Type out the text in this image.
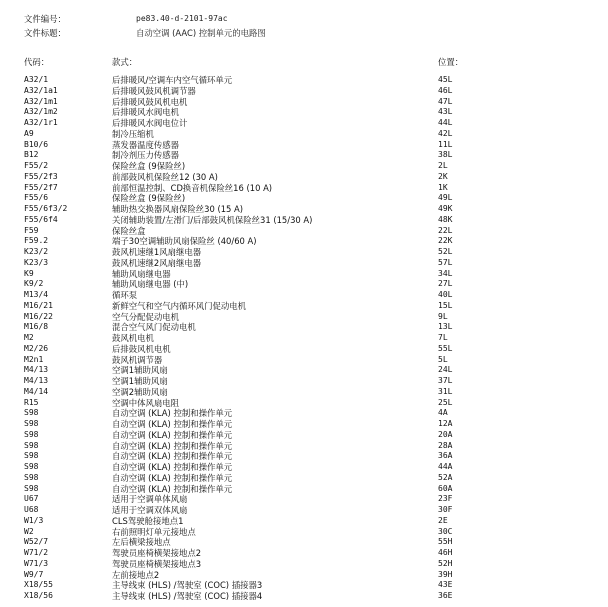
文件编号：	pe83.40-d-2101-97ac
文件标题：	自动空调 (AAC) 控制单元的电路图
代码：	款式：	位置：
A32/1	后排暖风/空调车内空气循环单元	45L
A32/1a1	后排暖风鼓风机调节器	46L
A32/1m1	后排暖风鼓风机电机	47L
A32/1m2	后排暖风水阀电机	43L
A32/1r1	后排暖风水阀电位计	44L
A9	制冷压缩机	42L
B10/6	蒸发器温度传感器	11L
B12	制冷剂压力传感器	38L
F55/2	保险丝盒 (9保险丝)	2L
F55/2f3	前部鼓风机保险丝12 (30 A)	2K
F55/2f7	前部恒温控制、CD换音机保险丝16 (10 A)	1K
F55/6	保险丝盒 (9保险丝)	49L
F55/6f3/2	辅助热交换器风扇保险丝30 (15 A)	49K
F55/6f4	关闭辅助装置/左滑门/后部鼓风机保险丝31 (15/30 A)	48K
F59	保险丝盒	22L
F59.2	端子30空调辅助风扇保险丝 (40/60 A)	22K
K23/2	鼓风机速继1风扇继电器	52L
K23/3	鼓风机速继2风扇继电器	57L
K9	辅助风扇继电器	34L
K9/2	辅助风扇继电器 (中)	27L
M13/4	循环泵	40L
M16/21	新鲜空气和空气内循环风门促动电机	15L
M16/22	空气分配促动电机	9L
M16/8	混合空气风门促动电机	13L
M2	鼓风机电机	7L
M2/26	后排鼓风机电机	55L
M2n1	鼓风机调节器	5L
M4/13	空调1辅助风扇	24L
M4/13	空调1辅助风扇	37L
M4/14	空调2辅助风扇	31L
R15	空调中体风扇电阻	25L
S98	自动空调 (KLA) 控制和操作单元	4A
S98	自动空调 (KLA) 控制和操作单元	12A
S98	自动空调 (KLA) 控制和操作单元	20A
S98	自动空调 (KLA) 控制和操作单元	28A
S98	自动空调 (KLA) 控制和操作单元	36A
S98	自动空调 (KLA) 控制和操作单元	44A
S98	自动空调 (KLA) 控制和操作单元	52A
S98	自动空调 (KLA) 控制和操作单元	60A
U67	适用于空调单体风扇	23F
U68	适用于空调双体风扇	30F
W1/3	CLS驾驶舱接地点1	2E
W2	右前照明灯单元接地点	30C
W52/7	左后横梁接地点	55H
W71/2	驾驶员座椅横架接地点2	46H
W71/3	驾驶员座椅横架接地点3	52H
W9/7	左前接地点2	39H
X18/55	主导线束 (HLS) /驾驶室 (COC) 插接器3	43E
X18/56	主导线束 (HLS) /驾驶室 (COC) 插接器4	36E
